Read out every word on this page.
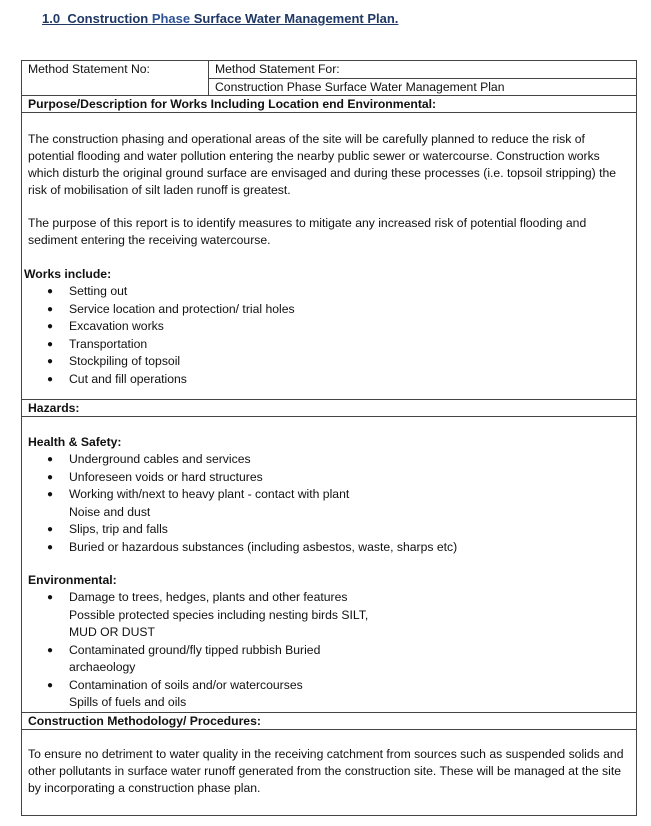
1.0 Construction Phase Surface Water Management Plan.
Method Statement No:	Method Statement For:
Construction Phase Surface Water Management Plan
Purpose/Description for Works Including Location end Environmental:

The construction phasing and operational areas of the site will be carefully planned to reduce the risk of potential flooding and water pollution entering the nearby public sewer or watercourse. Construction works which disturb the original ground surface are envisaged and during these processes (i.e. topsoil stripping) the risk of mobilisation of silt laden runoff is greatest.

The purpose of this report is to identify measures to mitigate any increased risk of potential flooding and sediment entering the receiving watercourse.

Works include:

● Setting out
● Service location and protection/ trial holes
● Excavation works
● Transportation
● Stockpiling of topsoil
● Cut and fill operations

Hazards:

Health & Safety:

● Underground cables and services
● Unforeseen voids or hard structures
● Working with/next to heavy plant - contact with plant
Noise and dust
● Slips, trip and falls
● Buried or hazardous substances (including asbestos, waste, sharps etc)

Environmental:

● Damage to trees, hedges, plants and other features
Possible protected species including nesting birds SILT,
MUD OR DUST
● Contaminated ground/fly tipped rubbish Buried
archaeology
● Contamination of soils and/or watercourses
Spills of fuels and oils

Construction Methodology/ Procedures:

To ensure no detriment to water quality in the receiving catchment from sources such as suspended solids and other pollutants in surface water runoff generated from the construction site. These will be managed at the site by incorporating a construction phase plan.
